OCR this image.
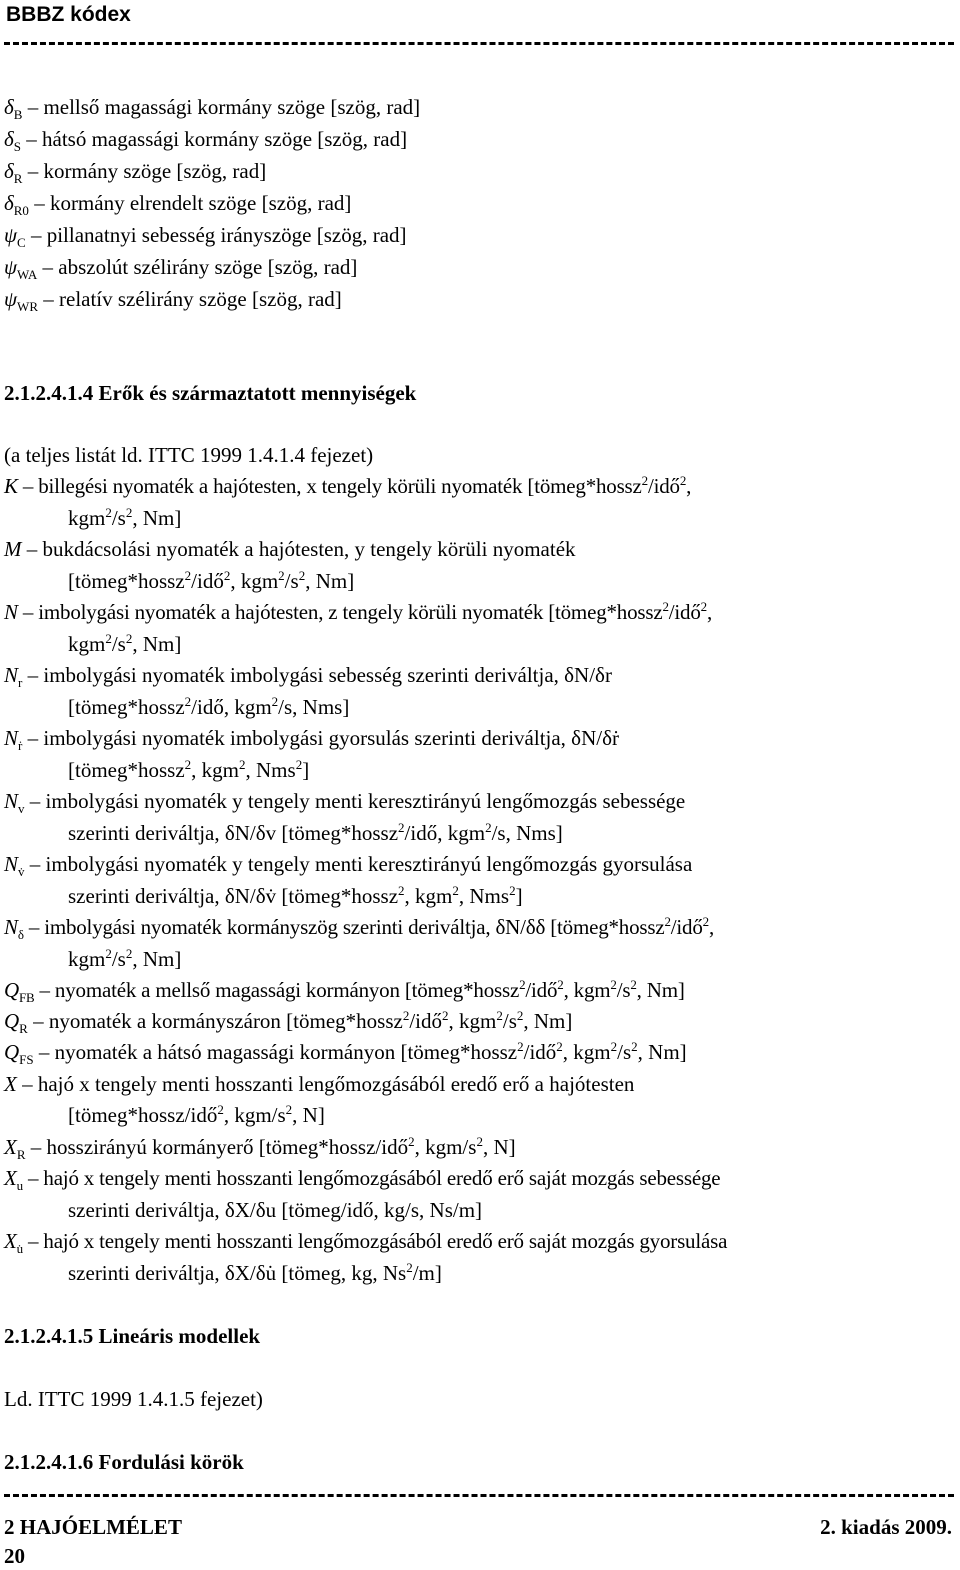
BBBZ kódex
$\delta_B$ – mellső magassági kormány szöge [szög, rad]
$\delta_S$ – hátsó magassági kormány szöge [szög, rad]
$\delta_R$ – kormány szöge [szög, rad]
$\delta_{R0}$ – kormány elrendelt szöge [szög, rad]
$\psi_C$ – pillanatnyi sebesség irányszöge [szög, rad]
$\psi_{WA}$ – abszolút szélirány szöge [szög, rad]
$\psi_{WR}$ – relatív szélirány szöge [szög, rad]
2.1.2.4.1.4 Erők és származtatott mennyiségek
(a teljes listát ld. ITTC 1999 1.4.1.4 fejezet)
K – billegési nyomaték a hajótesten, x tengely körüli nyomaték [tömeg*hossz$^2$/idő$^2$,
$kgm^2/s^2$, Nm]
M – bukdácsolási nyomaték a hajótesten, y tengely körüli nyomaték
[tömeg*hossz$^2$/idő$^2$, $kgm^2/s^2$, Nm]
N – imbolygási nyomaték a hajótesten, z tengely körüli nyomaték [tömeg*hossz$^2$/idő$^2$,
$kgm^2/s^2$, Nm]
$N_r$ – imbolygási nyomaték imbolygási sebesség szerinti deriváltja, δN/δr
[tömeg*hossz$^2$/idő, kgm$^2$/s, Nms]
$N_ṙ$ – imbolygási nyomaték imbolygási gyorsulás szerinti deriváltja, δN/δṙ
[tömeg*hossz$^2$, kgm$^2$, Nms$^2$]
$N_v$ – imbolygási nyomaték y tengely menti keresztirányú lengőmozgás sebessége
szerinti deriváltja, δN/δv [tömeg*hossz$^2$/idő, kgm$^2$/s, Nms]
$N_{v̇}$ – imbolygási nyomaték y tengely menti keresztirányú lengőmozgás gyorsulása
szerinti deriváltja, δN/δv̇ [tömeg*hossz$^2$, kgm$^2$, Nms$^2$]
$N_\delta$ – imbolygási nyomaték kormányszög szerinti deriváltja, δN/δδ [tömeg*hossz$^2$/idő$^2$,
$kgm^2/s^2$, Nm]
$Q_{FB}$ – nyomaték a mellső magassági kormányon [tömeg*hossz$^2$/idő$^2$, $kgm^2/s^2$, Nm]
$Q_R$ – nyomaték a kormányszáron [tömeg*hossz$^2$/idő$^2$, $kgm^2/s^2$, Nm]
$Q_{FS}$ – nyomaték a hátsó magassági kormányon [tömeg*hossz$^2$/idő$^2$, $kgm^2/s^2$, Nm]
X – hajó x tengely menti hosszanti lengőmozgásából eredő erő a hajótesten
[tömeg*hossz/idő$^2$, kgm/$s^2$, N]
$X_R$ – hosszirányú kormányerő [tömeg*hossz/idő$^2$, kgm/$s^2$, N]
$X_u$ – hajó x tengely menti hosszanti lengőmozgásából eredő erő saját mozgás sebessége
szerinti deriváltja, δX/δu [tömeg/idő, kg/s, Ns/m]
$X_{u̇}$ – hajó x tengely menti hosszanti lengőmozgásából eredő erő saját mozgás gyorsulása
szerinti deriváltja, δX/δu̇ [tömeg, kg, Ns$^2$/m]
2.1.2.4.1.5 Lineáris modellek
Ld. ITTC 1999 1.4.1.5 fejezet)
2.1.2.4.1.6 Fordulási körök
2 HAJÓELMÉLET	2. kiadás 2009.
20
